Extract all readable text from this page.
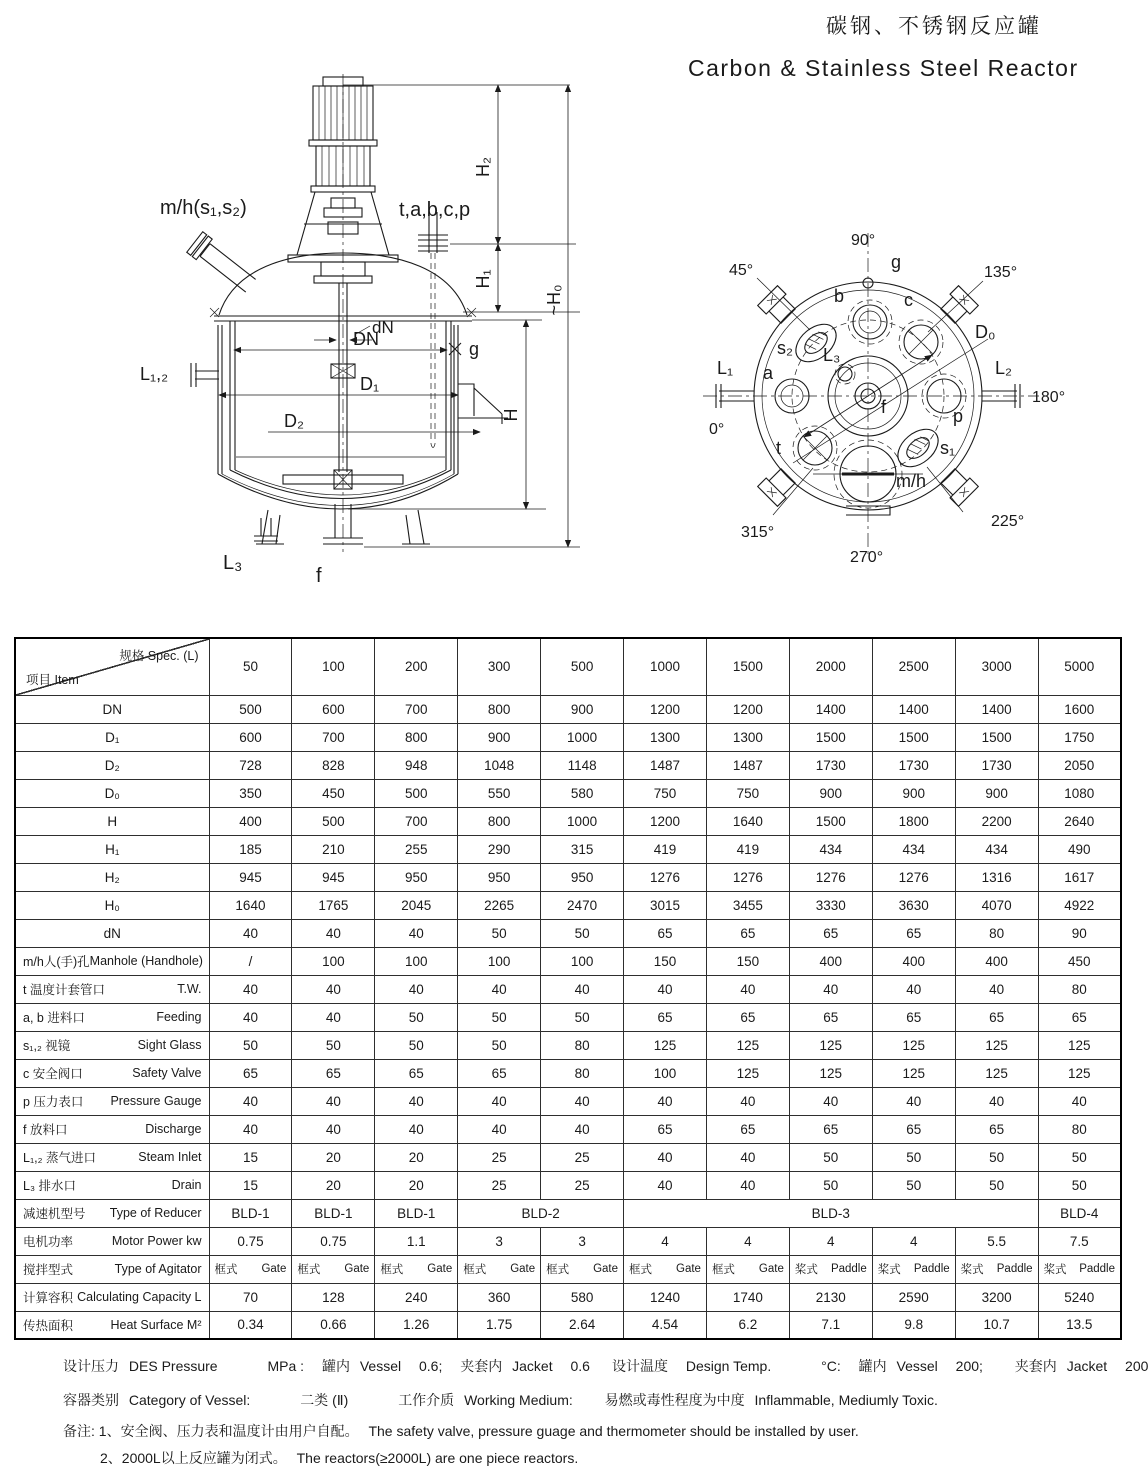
碳钢、不锈钢反应罐
Carbon & Stainless Steel Reactor
m/h(s₁,s₂)	t,a,b,c,p
dN
DN
D₁
D₂
g
L₁,₂
L₃
f
H₂
H₁
H
~H₀
90°
45°	135°
0°
180°
315°
270°
225°
g
b	c
s₂ L₃
D₀
L₁	L₂
a
f	p
t	s₁
m/h
规格 Spec. (L)
项目 Item	50	100	200	300	500	1000	1500	2000	2500	3000	5000

DN	500	600	700	800	900	1200	1200	1400	1400	1400	1600

D₁	600	700	800	900	1000	1300	1300	1500	1500	1500	1750

D₂	728	828	948	1048	1148	1487	1487	1730	1730	1730	2050

D₀	350	450	500	550	580	750	750	900	900	900	1080

H	400	500	700	800	1000	1200	1640	1500	1800	2200	2640

H₁	185	210	255	290	315	419	419	434	434	434	490

H₂	945	945	950	950	950	1276	1276	1276	1276	1316	1617

H₀	1640	1765	2045	2265	2470	3015	3455	3330	3630	4070	4922

dN	40	40	40	50	50	65	65	65	65	80	90

m/h人(手)孔 Manhole (Handhole)	/	100	100	100	100	150	150	400	400	400	450

t 温度计套管口 T.W.	40	40	40	40	40	40	40	40	40	40	80

a, b 进料口 Feeding	40	40	50	50	50	65	65	65	65	65	65

s₁,₂ 视镜 Sight Glass	50	50	50	50	80	125	125	125	125	125	125

c 安全阀口 Safety Valve	65	65	65	65	80	100	125	125	125	125	125

p 压力表口 Pressure Gauge	40	40	40	40	40	40	40	40	40	40	40

f 放料口 Discharge	40	40	40	40	40	65	65	65	65	65	80

L₁,₂ 蒸气进口 Steam Inlet	15	20	20	25	25	40	40	50	50	50	50

L₃ 排水口 Drain	15	20	20	25	25	40	40	50	50	50	50

减速机型号 Type of Reducer	BLD-1	BLD-1	BLD-1	BLD-2		BLD-3					BLD-4

电机功率 Motor Power kw	0.75	0.75	1.1	3	3	4	4	4	4	5.5	7.5

搅拌型式 Type of Agitator	框式 Gate	框式 Gate	框式 Gate	框式 Gate	框式 Gate	框式 Gate	框式 Gate	桨式 Paddle	桨式 Paddle	桨式 Paddle	桨式 Paddle

计算容积 Calculating Capacity L	70	128	240	360	580	1240	1740	2130	2590	3200	5240

传热面积 Heat Surface M²	0.34	0.66	1.26	1.75	2.64	4.54	6.2	7.1	9.8	10.7	13.5
设计压力 DES Pressure	MPa : 罐内 Vessel 0.6; 夹套内 Jacket 0.6 设计温度 Design Temp.	°C: 罐内 Vessel 200; 夹套内 Jacket 200
容器类别 Category of Vessel:	二类 (Ⅱ)	工作介质 Working Medium: 易燃或毒性程度为中度 Inflammable, Mediumly Toxic.
备注: 1、安全阀、压力表和温度计由用户自配。 The safety valve, pressure guage and thermometer should be installed by user.
2、2000L以上反应罐为闭式。 The reactors(≥2000L) are one piece reactors.
